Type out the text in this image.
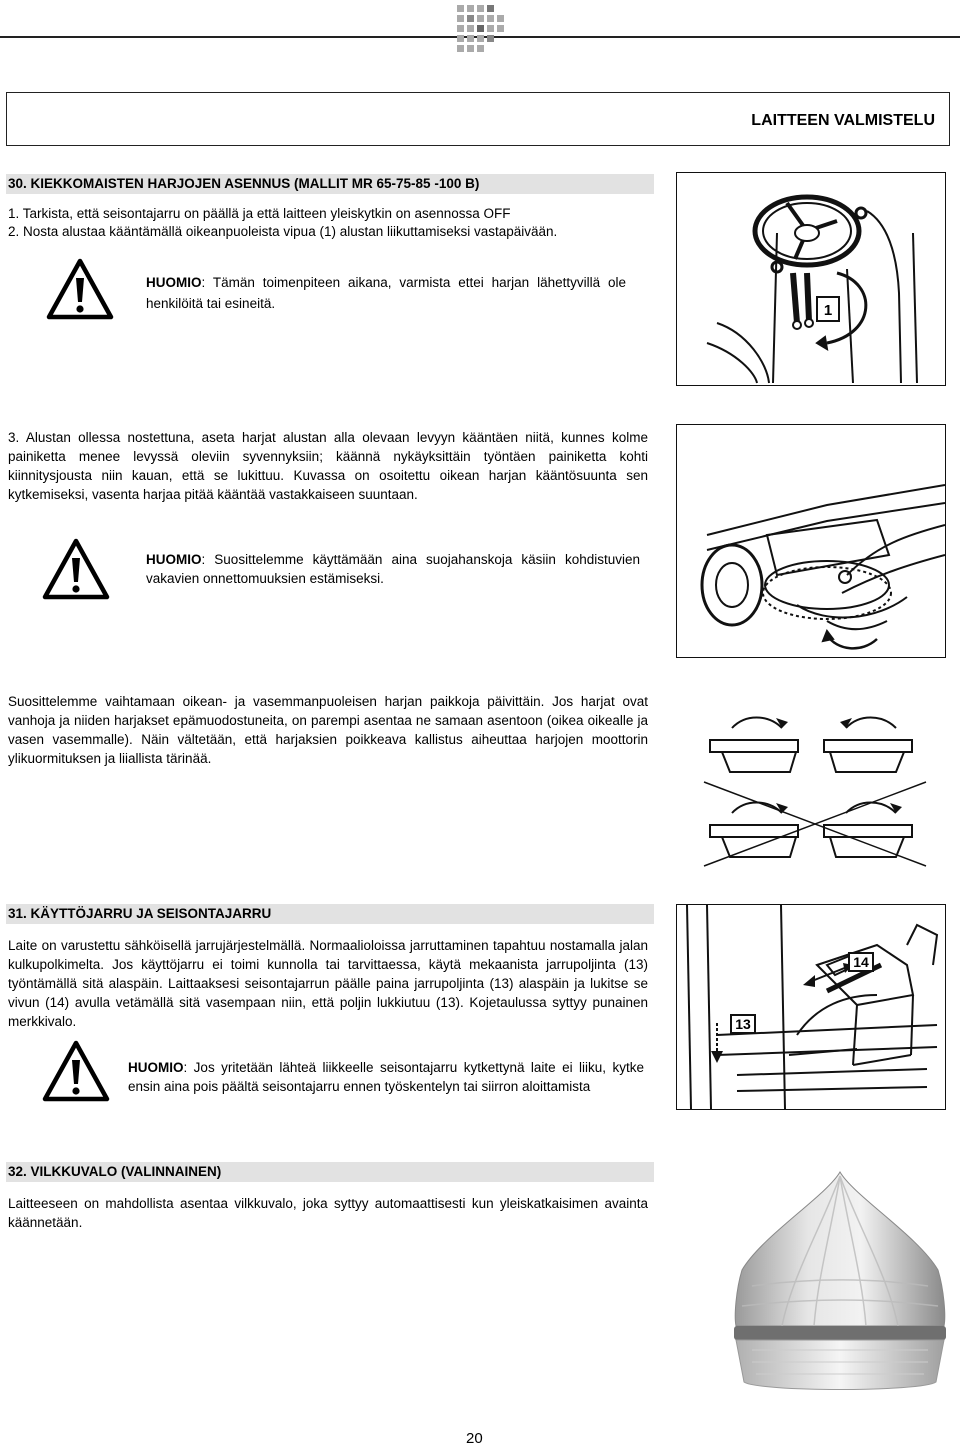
LAITTEEN VALMISTELU
30. KIEKKOMAISTEN HARJOJEN ASENNUS (MALLIT MR 65-75-85 -100 B)
1. Tarkista, että seisontajarru on päällä ja että laitteen yleiskytkin on asennossa OFF
2. Nosta alustaa kääntämällä oikeanpuoleista vipua (1) alustan liikuttamiseksi vastapäivään.
HUOMIO: Tämän toimenpiteen aikana, varmista ettei harjan lähettyvillä ole henkilöitä tai esineitä.	1
3. Alustan ollessa nostettuna, aseta harjat alustan alla olevaan levyyn kääntäen niitä, kunnes kolme painiketta menee levyssä oleviin syvennyksiin; käännä nykäyksittäin työntäen painiketta kohti kiinnitysjousta niin kauan, että se lukittuu. Kuvassa on osoitettu oikean harjan kääntösuunta sen kytkemiseksi, vasenta harjaa pitää kääntää vastakkaiseen suuntaan.
HUOMIO: Suosittelemme käyttämään aina suojahanskoja käsiin kohdistuvien vakavien onnettomuuksien estämiseksi.
Suosittelemme vaihtamaan oikean- ja vasemmanpuoleisen harjan paikkoja päivittäin. Jos harjat ovat vanhoja ja niiden harjakset epämuodostuneita, on parempi asentaa ne samaan asentoon (oikea oikealle ja vasen vasemmalle). Näin vältetään, että harjaksien poikkeava kallistus aiheuttaa harjojen moottorin ylikuormituksen ja liiallista tärinää.
31. KÄYTTÖJARRU JA SEISONTAJARRU
Laite on varustettu sähköisellä jarrujärjestelmällä. Normaalioloissa jarruttaminen tapahtuu nostamalla jalan kulkupolkimelta. Jos käyttöjarru ei toimi kunnolla tai tarvittaessa, käytä mekaanista jarrupoljinta (13) työntämällä sitä alaspäin. Laittaaksesi seisontajarrun päälle paina jarrupoljinta (13) alaspäin ja lukitse se vivun (14) avulla vetämällä sitä vasempaan niin, että poljin lukkiutuu (13). Kojetaulussa syttyy punainen merkkivalo.
HUOMIO: Jos yritetään lähteä liikkeelle seisontajarru kytkettynä laite ei liiku, kytke ensin aina pois päältä seisontajarru ennen työskentelyn tai siirron aloittamista
14
13
32. VILKKUVALO (VALINNAINEN)
Laitteeseen on mahdollista asentaa vilkkuvalo, joka syttyy automaattisesti kun yleiskatkaisimen avainta käännetään.
20
